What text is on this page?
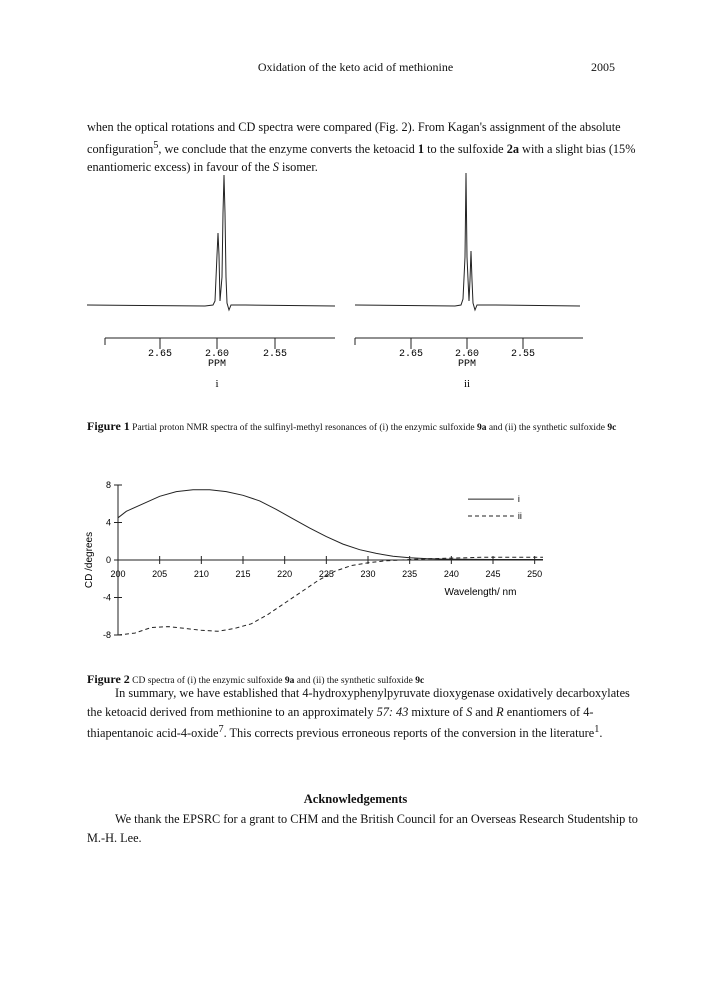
Oxidation of the keto acid of methionine	2005
when the optical rotations and CD spectra were compared (Fig. 2). From Kagan's assignment of the absolute configuration$^5$, we conclude that the enzyme converts the ketoacid 1 to the sulfoxide 2a with a slight bias (15% enantiomeric excess) in favour of the S isomer.
2.65	2.60	2.55
PPM
i
2.65	2.60	2.55
PPM
ii
Figure 1 Partial proton NMR spectra of the sulfinyl-methyl resonances of (i) the enzymic sulfoxide 9a and (ii) the synthetic sulfoxide 9c
8
4
0
-4
-8
200	205	210	215	220	225	230	235	240	245	250
CD /degrees
Wavelength/ nm
i
ii
Figure 2 CD spectra of (i) the enzymic sulfoxide 9a and (ii) the synthetic sulfoxide 9c

In summary, we have established that 4-hydroxyphenylpyruvate dioxygenase oxidatively decarboxylates the ketoacid derived from methionine to an approximately 57: 43 mixture of S and R enantiomers of 4-thiapentanoic acid-4-oxide$^7$. This corrects previous erroneous reports of the conversion in the literature$^1$.

Acknowledgements

We thank the EPSRC for a grant to CHM and the British Council for an Overseas Research Studentship to M.-H. Lee.
